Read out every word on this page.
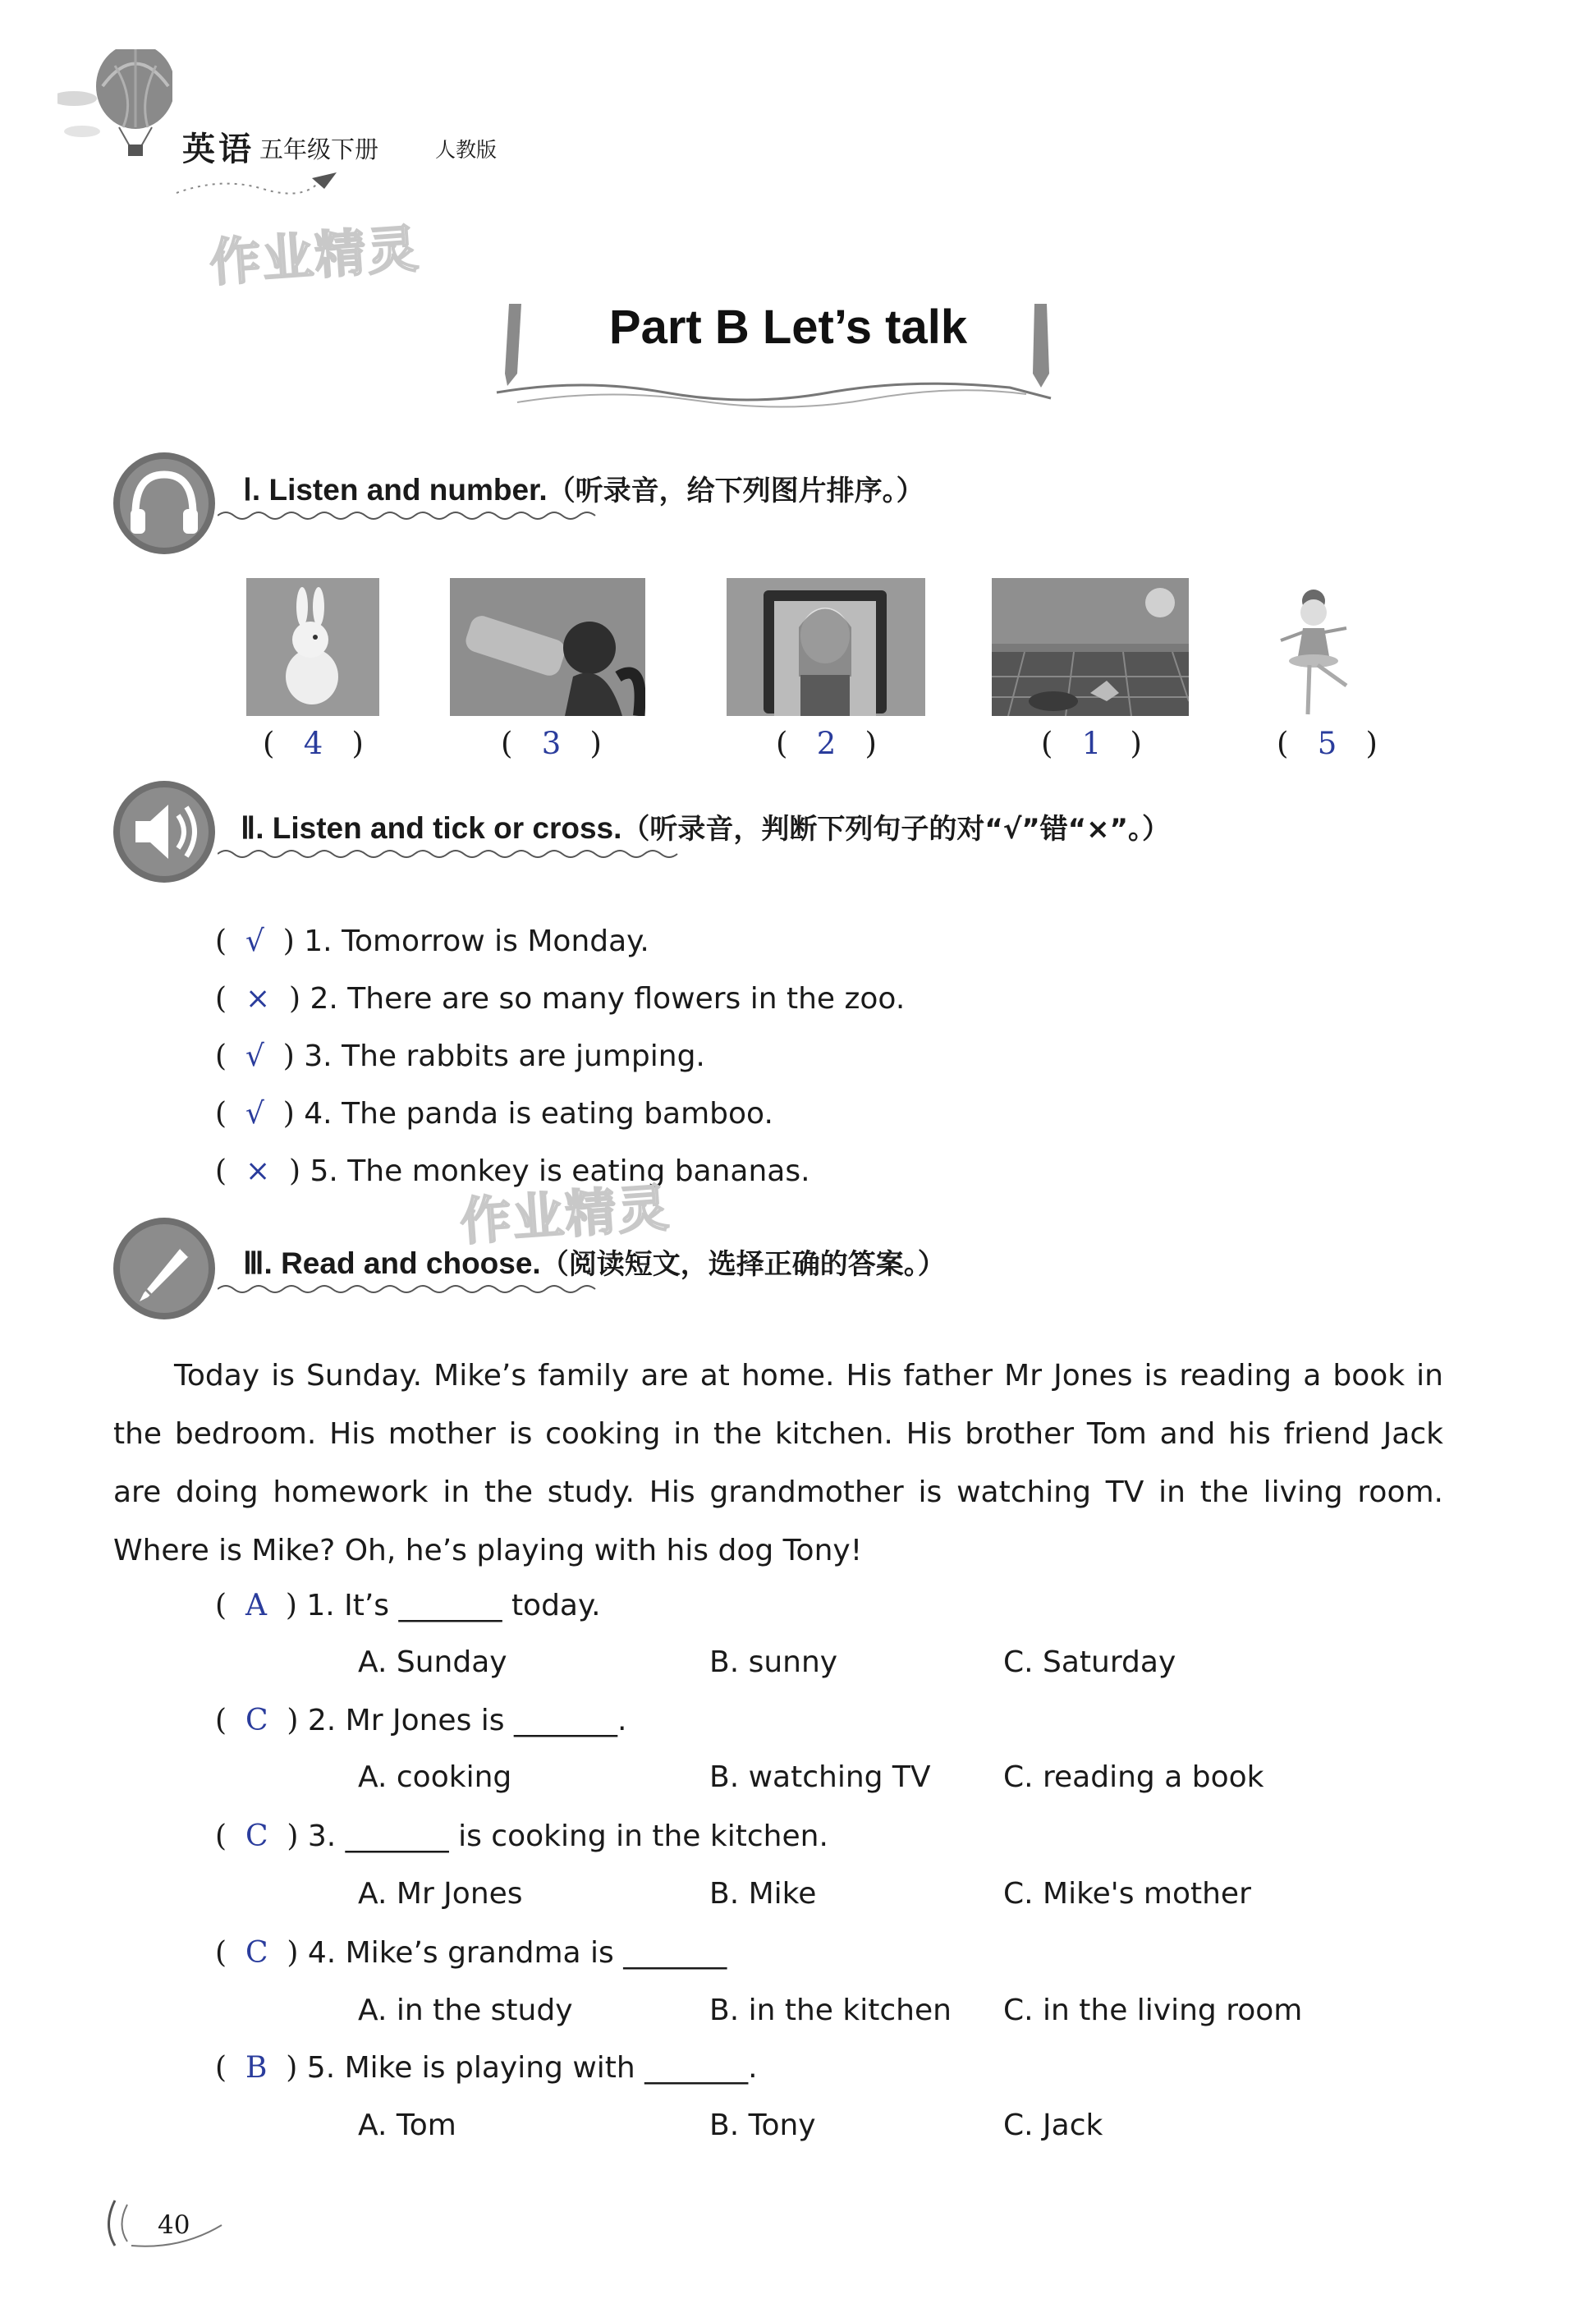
英语 五年级下册	人教版
作业精灵
Part B Let’s talk
Ⅰ. Listen and number.（听录音，给下列图片排序。）
(   4   )	(   3   )	(   2   )	(   1   )	(   5   )
Ⅱ. Listen and tick or cross.（听录音，判断下列句子的对“√”错“×”。）
(  √  ) 1. Tomorrow is Monday.
(  ×  ) 2. There are so many flowers in the zoo.
(  √  ) 3. The rabbits are jumping.
(  √  ) 4. The panda is eating bamboo.
(  ×  ) 5. The monkey is eating bananas.
作业精灵
Ⅲ. Read and choose.（阅读短文，选择正确的答案。）

Today is Sunday. Mike’s family are at home. His father Mr Jones is reading a book in the bedroom. His mother is cooking in the kitchen. His brother Tom and his friend Jack are doing homework in the study. His grandmother is watching TV in the living room. Where is Mike? Oh, he’s playing with his dog Tony!

(  A  ) 1. It’s _______ today.
A. Sunday	B. sunny	C. Saturday
(  C  ) 2. Mr Jones is _______.
A. cooking	B. watching TV C. reading a book
(  C  ) 3. _______ is cooking in the kitchen.
A. Mr Jones	B. Mike	C. Mike's mother
(  C  ) 4. Mike’s grandma is _______
A. in the study	B. in the kitchen C. in the living room
(  B  ) 5. Mike is playing with _______.
A. Tom	B. Tony	C. Jack
40
